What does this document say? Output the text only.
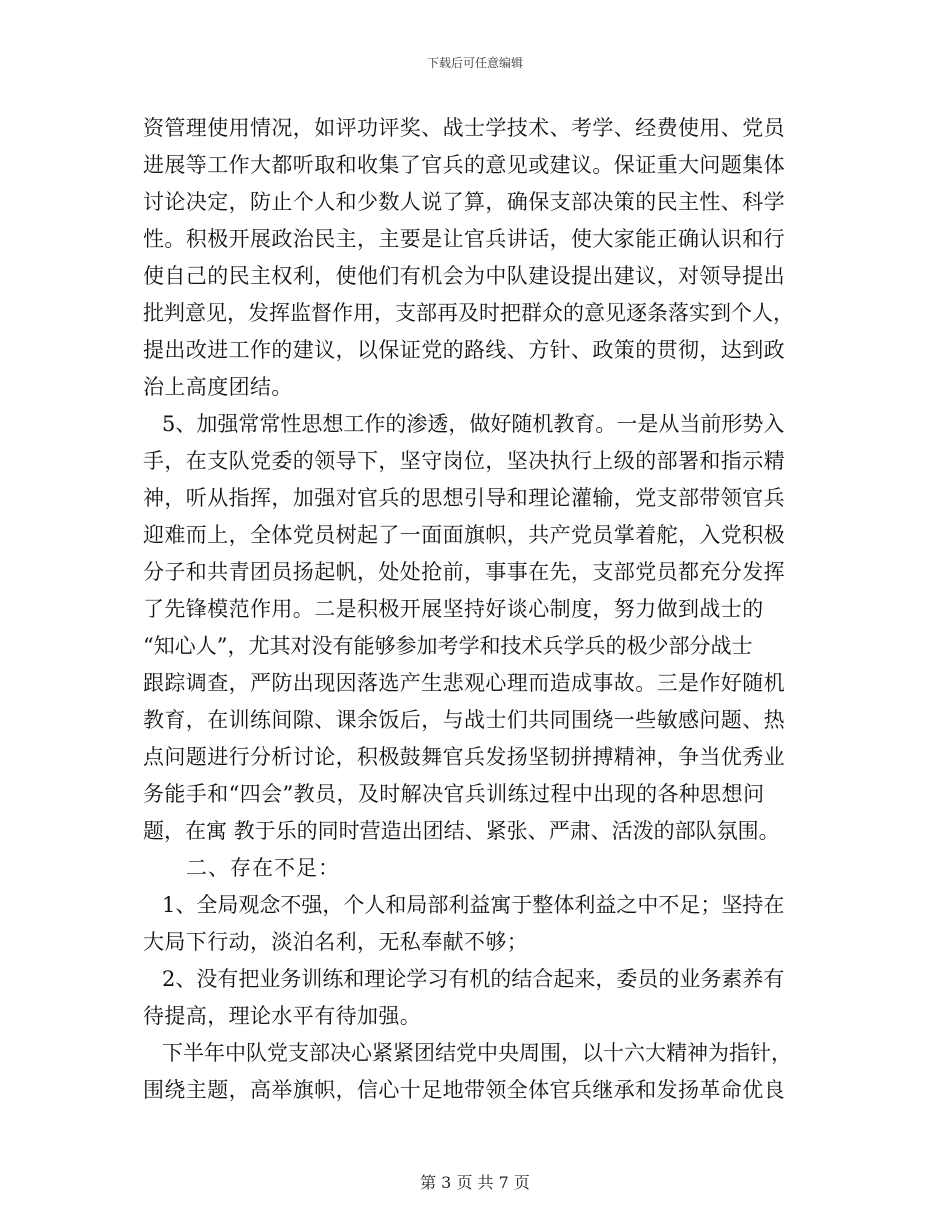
下载后可任意编辑
资管理使用情况，如评功评奖、战士学技术、考学、经费使用、党员
进展等工作大都听取和收集了官兵的意见或建议。保证重大问题集体
讨论决定，防止个人和少数人说了算，确保支部决策的民主性、科学
性。积极开展政治民主，主要是让官兵讲话，使大家能正确认识和行
使自己的民主权利，使他们有机会为中队建设提出建议，对领导提出
批判意见，发挥监督作用，支部再及时把群众的意见逐条落实到个人，
提出改进工作的建议，以保证党的路线、方针、政策的贯彻，达到政
治上高度团结。
5、加强常常性思想工作的渗透，做好随机教育。一是从当前形势入
手，在支队党委的领导下，坚守岗位，坚决执行上级的部署和指示精
神，听从指挥，加强对官兵的思想引导和理论灌输，党支部带领官兵
迎难而上，全体党员树起了一面面旗帜，共产党员掌着舵，入党积极
分子和共青团员扬起帆，处处抢前，事事在先，支部党员都充分发挥
了先锋模范作用。二是积极开展坚持好谈心制度，努力做到战士的
“知心人”，尤其对没有能够参加考学和技术兵学兵的极少部分战士
跟踪调查，严防出现因落选产生悲观心理而造成事故。三是作好随机
教育，在训练间隙、课余饭后，与战士们共同围绕一些敏感问题、热
点问题进行分析讨论，积极鼓舞官兵发扬坚韧拼搏精神，争当优秀业
务能手和“四会”教员，及时解决官兵训练过程中出现的各种思想问
题，在寓 教于乐的同时营造出团结、紧张、严肃、活泼的部队氛围。
二、存在不足：
1、全局观念不强，个人和局部利益寓于整体利益之中不足；坚持在
大局下行动，淡泊名利，无私奉献不够；
2、没有把业务训练和理论学习有机的结合起来，委员的业务素养有
待提高，理论水平有待加强。
下半年中队党支部决心紧紧团结党中央周围，以十六大精神为指针，
围绕主题，高举旗帜，信心十足地带领全体官兵继承和发扬革命优良
第 3 页 共 7 页
